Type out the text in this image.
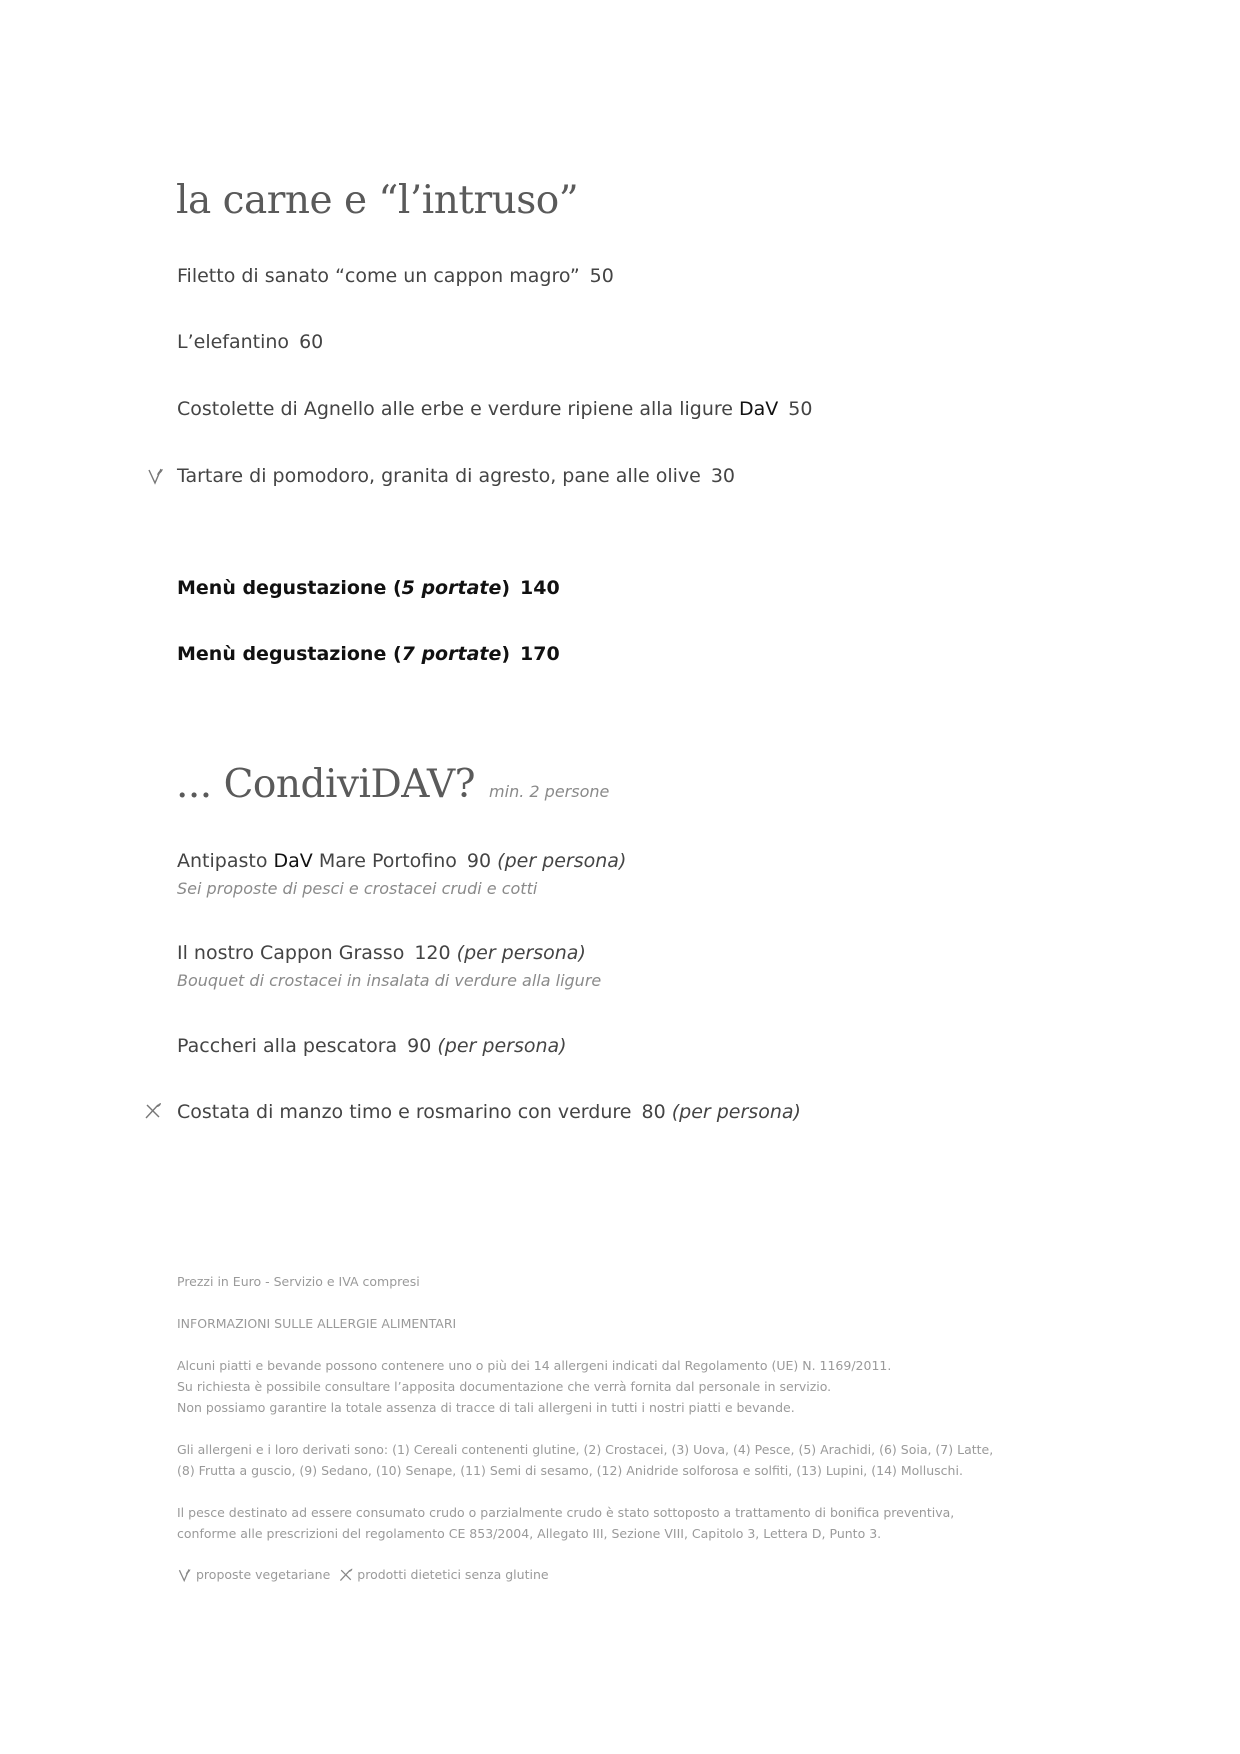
la carne e “l’intruso”
Filetto di sanato “come un cappon magro” 50
L’elefantino 60
Costolette di Agnello alle erbe e verdure ripiene alla ligure DaV 50
Tartare di pomodoro, granita di agresto, pane alle olive 30
Menù degustazione (5 portate) 140
Menù degustazione (7 portate) 170
... CondiviDAV? min. 2 persone
Antipasto DaV Mare Portofino 90 (per persona)
Sei proposte di pesci e crostacei crudi e cotti
Il nostro Cappon Grasso 120 (per persona)
Bouquet di crostacei in insalata di verdure alla ligure
Paccheri alla pescatora 90 (per persona)
Costata di manzo timo e rosmarino con verdure 80 (per persona)
Prezzi in Euro - Servizio e IVA compresi
INFORMAZIONI SULLE ALLERGIE ALIMENTARI
Alcuni piatti e bevande possono contenere uno o più dei 14 allergeni indicati dal Regolamento (UE) N. 1169/2011.
Su richiesta è possibile consultare l’apposita documentazione che verrà fornita dal personale in servizio.
Non possiamo garantire la totale assenza di tracce di tali allergeni in tutti i nostri piatti e bevande.
Gli allergeni e i loro derivati sono: (1) Cereali contenenti glutine, (2) Crostacei, (3) Uova, (4) Pesce, (5) Arachidi, (6) Soia, (7) Latte,
(8) Frutta a guscio, (9) Sedano, (10) Senape, (11) Semi di sesamo, (12) Anidride solforosa e solfiti, (13) Lupini, (14) Molluschi.
Il pesce destinato ad essere consumato crudo o parzialmente crudo è stato sottoposto a trattamento di bonifica preventiva,
conforme alle prescrizioni del regolamento CE 853/2004, Allegato III, Sezione VIII, Capitolo 3, Lettera D, Punto 3.
proposte vegetariane prodotti dietetici senza glutine
